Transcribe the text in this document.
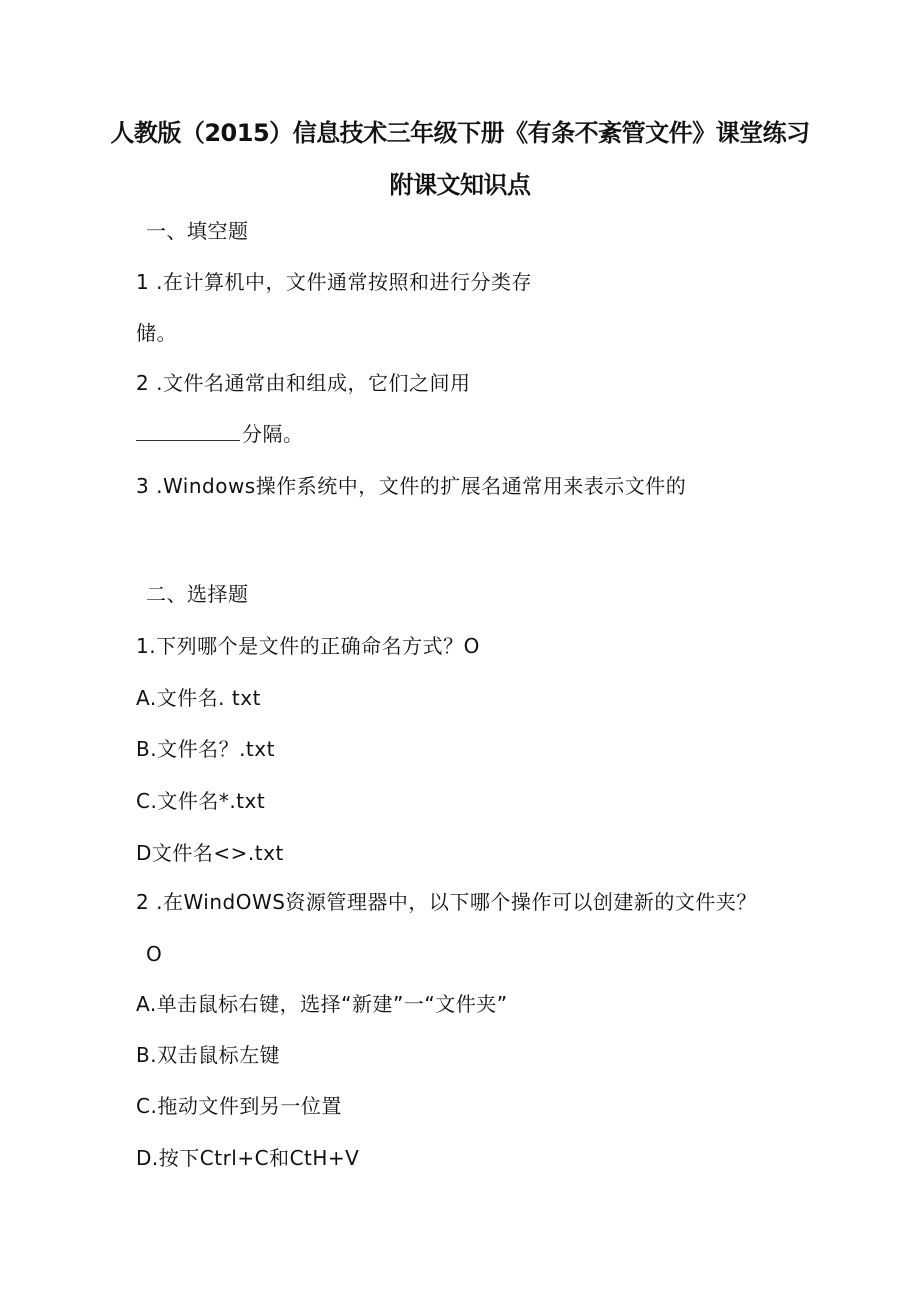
人教版（2015）信息技术三年级下册《有条不紊管文件》课堂练习
附课文知识点
一、填空题
1 .在计算机中，文件通常按照和进行分类存
储。
2 .文件名通常由和组成，它们之间用
分隔。
3 .Windows操作系统中，文件的扩展名通常用来表示文件的
二、选择题
1.下列哪个是文件的正确命名方式？O
A.文件名. txt
B.文件名？.txt
C.文件名*.txt
D文件名<>.txt
2 .在WindOWS资源管理器中，以下哪个操作可以创建新的文件夹？
O
A.单击鼠标右键，选择“新建”一“文件夹”
B.双击鼠标左键
C.拖动文件到另一位置
D.按下Ctrl+C和CtH+V
